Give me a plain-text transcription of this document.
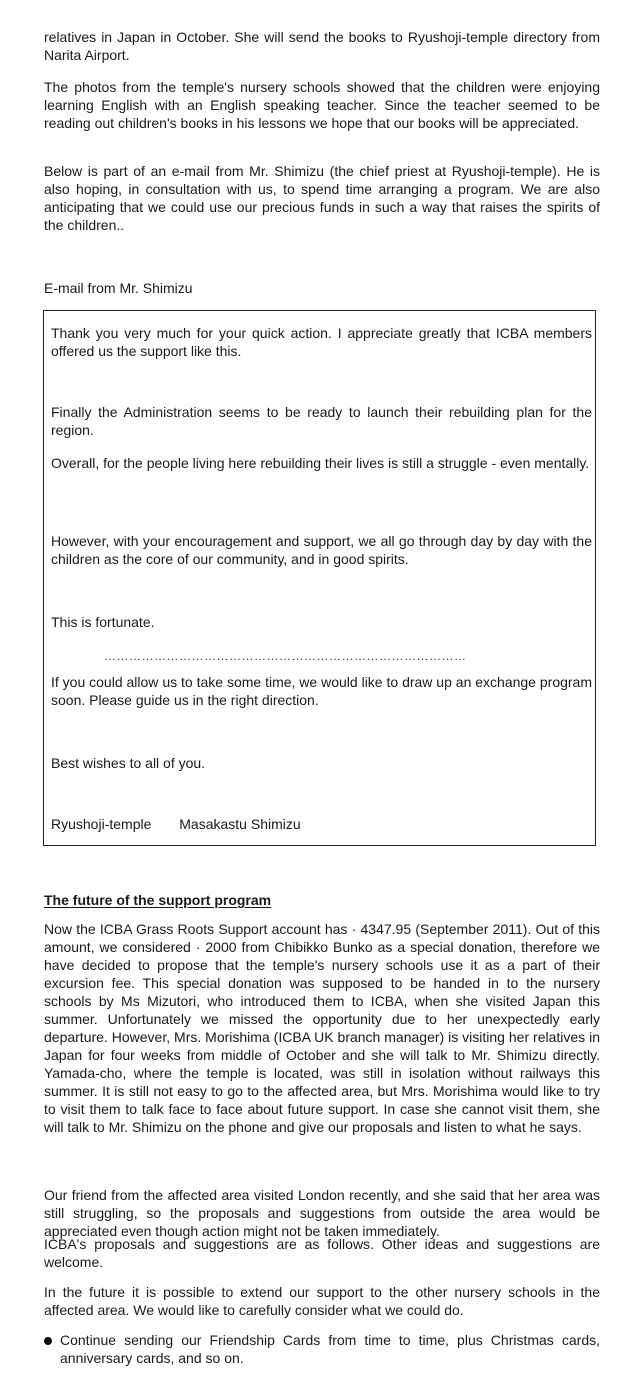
relatives in Japan in October. She will send the books to Ryushoji-temple directory from Narita Airport.

The photos from the temple's nursery schools showed that the children were enjoying learning English with an English speaking teacher. Since the teacher seemed to be reading out children's books in his lessons we hope that our books will be appreciated.

Below is part of an e-mail from Mr. Shimizu (the chief priest at Ryushoji-temple). He is also hoping, in consultation with us, to spend time arranging a program. We are also anticipating that we could use our precious funds in such a way that raises the spirits of the children..

E-mail from Mr. Shimizu

Thank you very much for your quick action. I appreciate greatly that ICBA members offered us the support like this.

Finally the Administration seems to be ready to launch their rebuilding plan for the region.

Overall, for the people living here rebuilding their lives is still a struggle - even mentally.

However, with your encouragement and support, we all go through day by day with the children as the core of our community, and in good spirits.

This is fortunate.

……………………………………………………………………………

If you could allow us to take some time, we would like to draw up an exchange program soon. Please guide us in the right direction.

Best wishes to all of you.

Ryushoji-temple Masakastu Shimizu
The future of the support program

Now the ICBA Grass Roots Support account has · 4347.95 (September 2011). Out of this amount, we considered · 2000 from Chibikko Bunko as a special donation, therefore we have decided to propose that the temple's nursery schools use it as a part of their excursion fee. This special donation was supposed to be handed in to the nursery schools by Ms Mizutori, who introduced them to ICBA, when she visited Japan this summer. Unfortunately we missed the opportunity due to her unexpectedly early departure. However, Mrs. Morishima (ICBA UK branch manager) is visiting her relatives in Japan for four weeks from middle of October and she will talk to Mr. Shimizu directly. Yamada-cho, where the temple is located, was still in isolation without railways this summer. It is still not easy to go to the affected area, but Mrs. Morishima would like to try to visit them to talk face to face about future support. In case she cannot visit them, she will talk to Mr. Shimizu on the phone and give our proposals and listen to what he says.

Our friend from the affected area visited London recently, and she said that her area was still struggling, so the proposals and suggestions from outside the area would be appreciated even though action might not be taken immediately.

ICBA's proposals and suggestions are as follows. Other ideas and suggestions are welcome.

In the future it is possible to extend our support to the other nursery schools in the affected area. We would like to carefully consider what we could do.

Continue sending our Friendship Cards from time to time, plus Christmas cards, anniversary cards, and so on.
